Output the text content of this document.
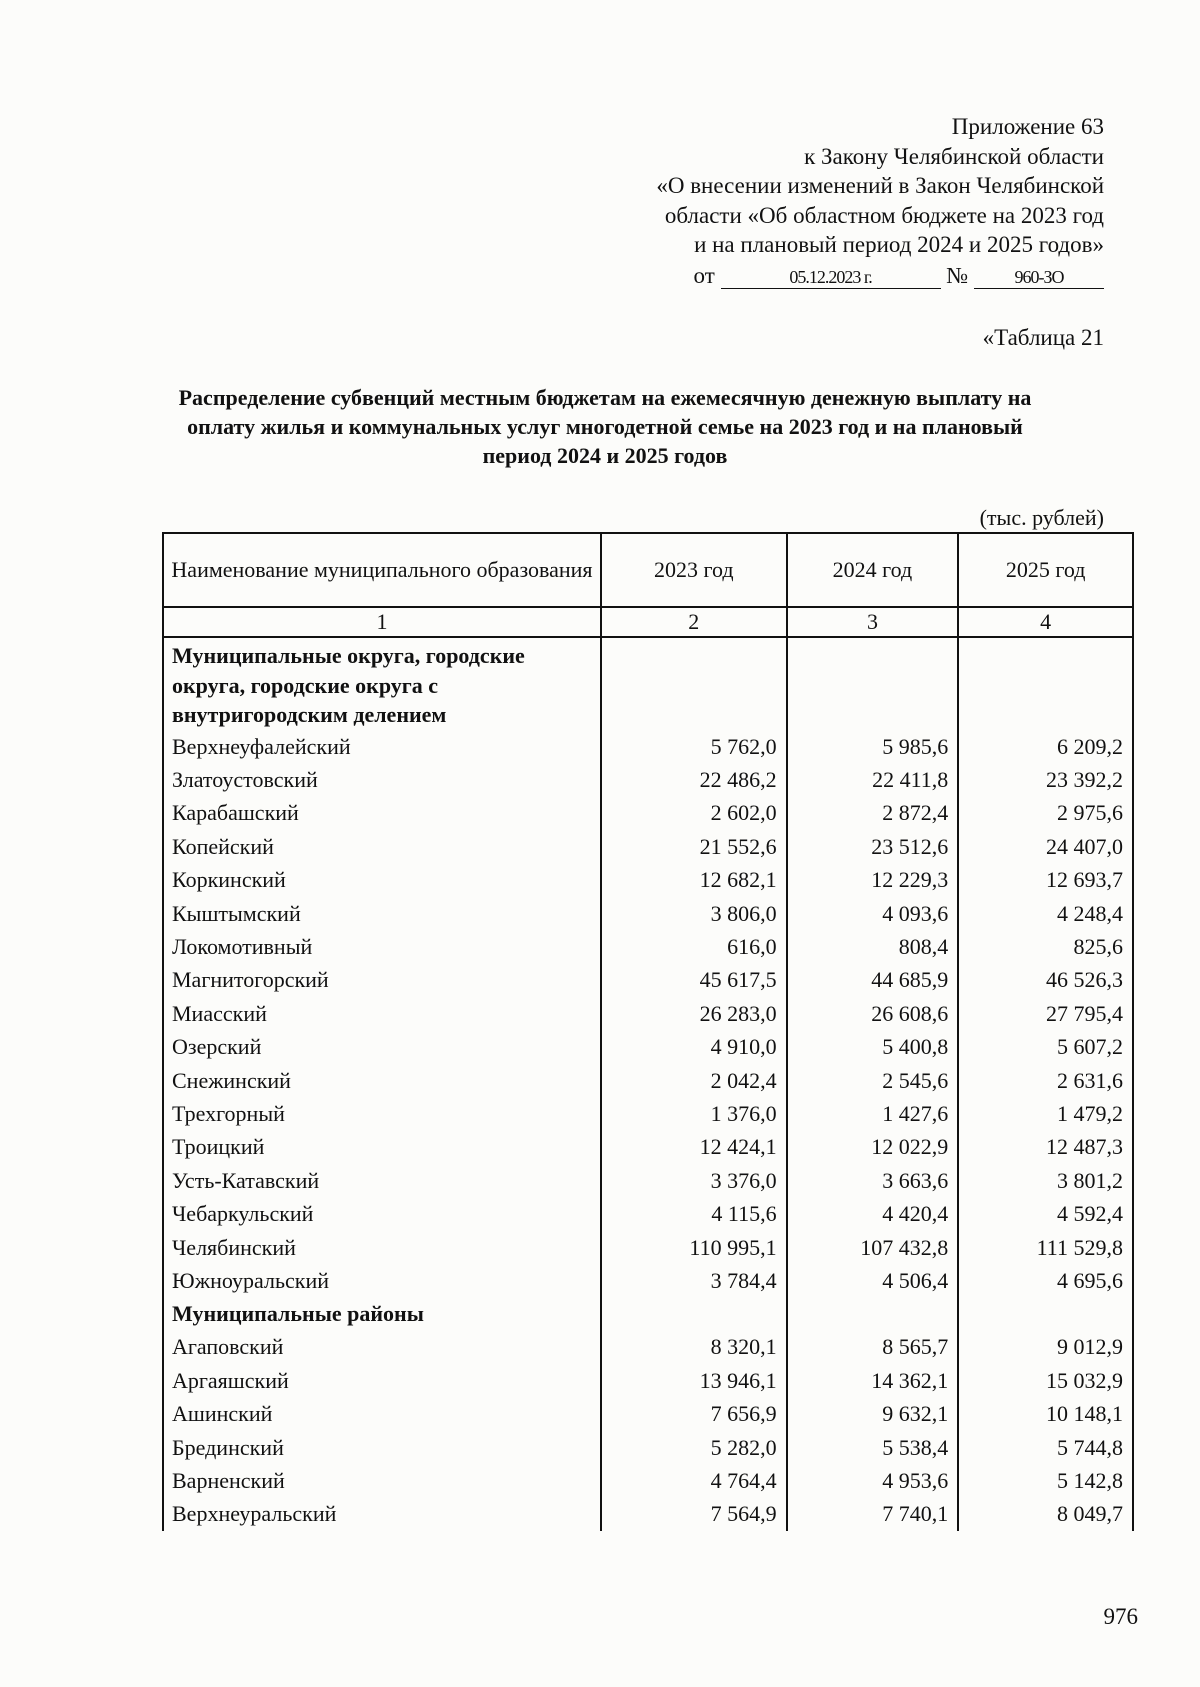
Приложение 63
к Закону Челябинской области
«О внесении изменений в Закон Челябинской
области «Об областном бюджете на 2023 год
и на плановый период 2024 и 2025 годов»
от	05.12.2023 г.	№	960-ЗО
«Таблица 21
Распределение субвенций местным бюджетам на ежемесячную денежную выплату на оплату жилья и коммунальных услуг многодетной семье на 2023 год и на плановый период 2024 и 2025 годов
(тыс. рублей)
Наименование муниципального образования	2023 год	2024 год	2025 год
1	2	3	4
Муниципальные округа, городские округа, городские округа с внутригородским делением			
Верхнеуфалейский	5 762,0	5 985,6	6 209,2
Златоустовский	22 486,2	22 411,8	23 392,2
Карабашский	2 602,0	2 872,4	2 975,6
Копейский	21 552,6	23 512,6	24 407,0
Коркинский	12 682,1	12 229,3	12 693,7
Кыштымский	3 806,0	4 093,6	4 248,4
Локомотивный	616,0	808,4	825,6
Магнитогорский	45 617,5	44 685,9	46 526,3
Миасский	26 283,0	26 608,6	27 795,4
Озерский	4 910,0	5 400,8	5 607,2
Снежинский	2 042,4	2 545,6	2 631,6
Трехгорный	1 376,0	1 427,6	1 479,2
Троицкий	12 424,1	12 022,9	12 487,3
Усть-Катавский	3 376,0	3 663,6	3 801,2
Чебаркульский	4 115,6	4 420,4	4 592,4
Челябинский	110 995,1	107 432,8	111 529,8
Южноуральский	3 784,4	4 506,4	4 695,6
Муниципальные районы			
Агаповский	8 320,1	8 565,7	9 012,9
Аргаяшский	13 946,1	14 362,1	15 032,9
Ашинский	7 656,9	9 632,1	10 148,1
Брединский	5 282,0	5 538,4	5 744,8
Варненский	4 764,4	4 953,6	5 142,8
Верхнеуральский	7 564,9	7 740,1	8 049,7
976
